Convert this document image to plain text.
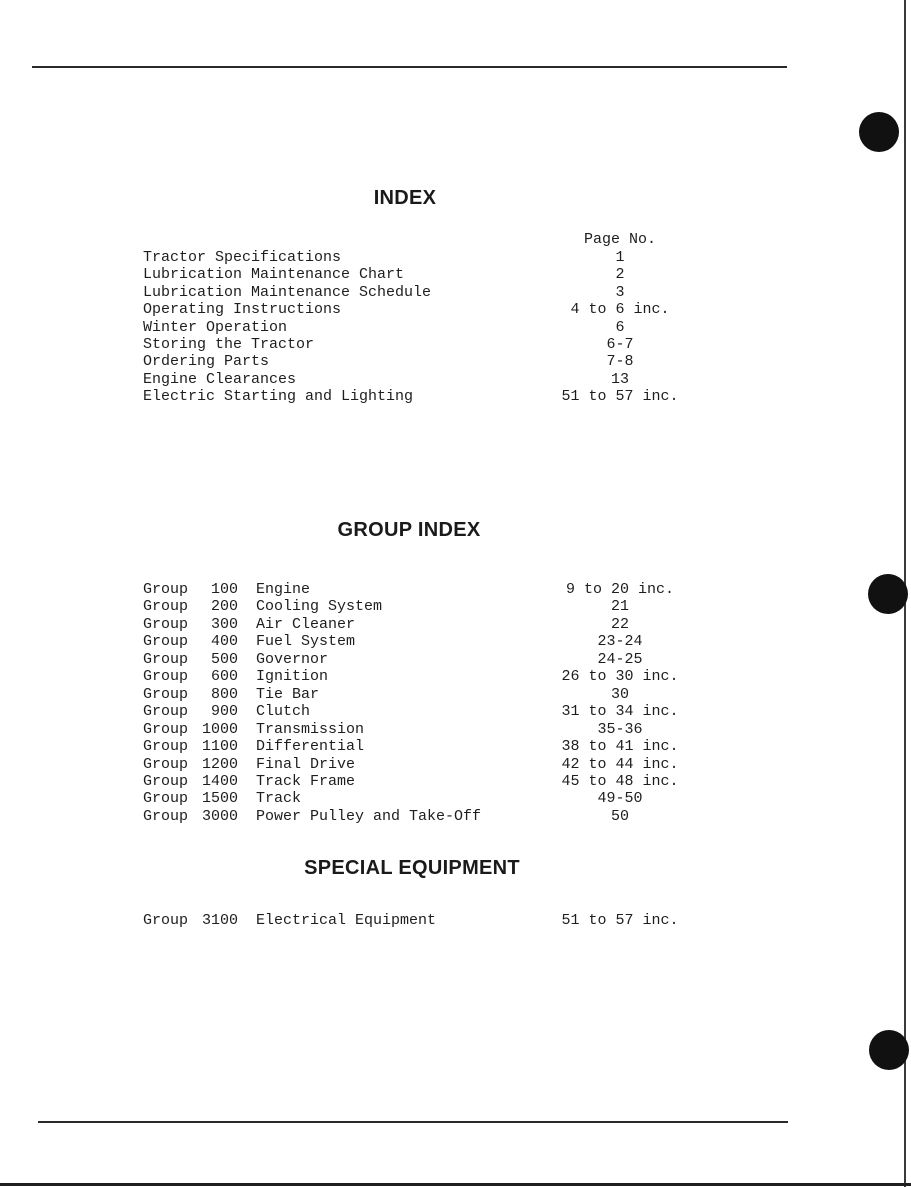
INDEX
Page No.
Tractor Specifications	1
Lubrication Maintenance Chart	2
Lubrication Maintenance Schedule	3
Operating Instructions	4 to 6 inc.
Winter Operation	6
Storing the Tractor	6-7
Ordering Parts	7-8
Engine Clearances	13
Electric Starting and Lighting	51 to 57 inc.
GROUP INDEX
Group	100 Engine	9 to 20 inc.
Group	200 Cooling System	21
Group	300 Air Cleaner	22
Group	400 Fuel System	23-24
Group	500 Governor	24-25
Group	600 Ignition	26 to 30 inc.
Group	800 Tie Bar	30
Group	900 Clutch	31 to 34 inc.
Group 1000 Transmission	35-36
Group 1100 Differential	38 to 41 inc.
Group 1200 Final Drive	42 to 44 inc.
Group 1400 Track Frame	45 to 48 inc.
Group 1500 Track	49-50
Group 3000 Power Pulley and Take-Off	50
SPECIAL EQUIPMENT
Group 3100 Electrical Equipment	51 to 57 inc.
